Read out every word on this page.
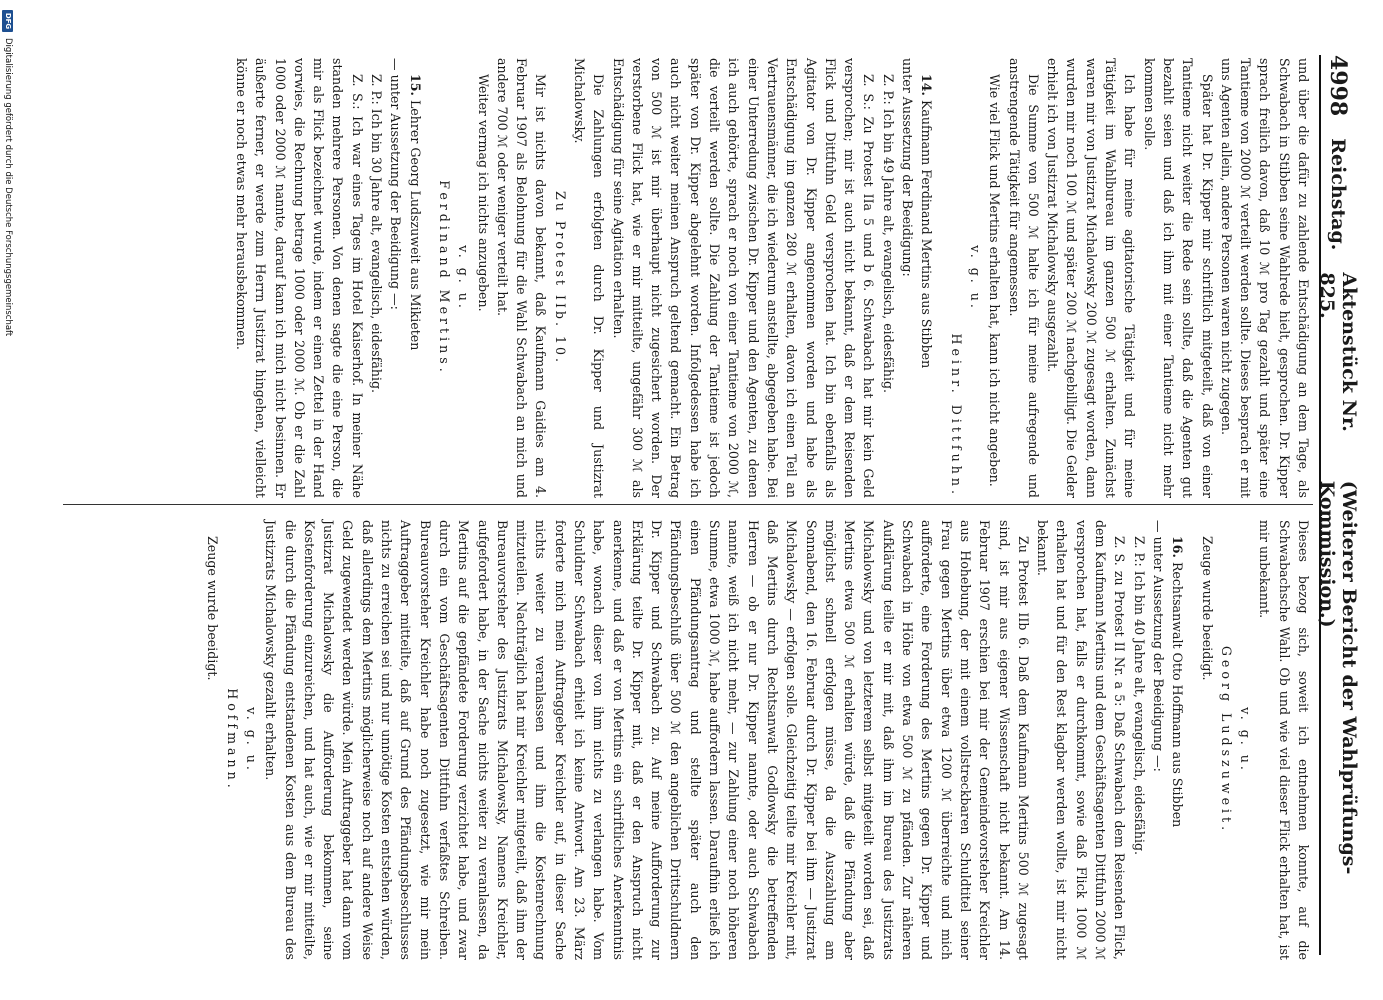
4998
Reichstag.
Aktenstück Nr. 825.
(Weiterer Bericht der Wahlprüfungs-Kommission.)

und über die dafür zu zahlende Entschädigung an dem Tage, als Schwabach in Stibben seine Wahlrede hielt, gesprochen. Dr. Kipper sprach freilich davon, daß 10 ℳ pro Tag gezahlt und später eine Tantieme von 2000 ℳ verteilt werden sollte. Dieses besprach er mit uns Agenten allein, andere Personen waren nicht zugegen.

Später hat Dr. Kipper mir schriftlich mitgeteilt, daß von einer Tantieme nicht weiter die Rede sein sollte, daß die Agenten gut bezahlt seien und daß ich ihm mit einer Tantieme nicht mehr kommen solle.

Ich habe für meine agitatorische Tätigkeit und für meine Tätigkeit im Wahlbureau im ganzen 500 ℳ erhalten. Zunächst waren mir von Justizrat Michalowsky 200 ℳ zugesagt worden, dann wurden mir noch 100 ℳ und später 200 ℳ nachgebilligt. Die Gelder erhielt ich von Justizrat Michalowsky ausgezahlt.

Die Summe von 500 ℳ halte ich für meine aufregende und anstrengende Tätigkeit für angemessen.

Wie viel Flick und Mertins erhalten hat, kann ich nicht angeben.

v. g. u.

Heinr. Dittfuhn.

14. Kaufmann Ferdinand Mertins aus Stibben

unter Aussetzung der Beeidigung:

Z. P.: Ich bin 49 Jahre alt, evangelisch, eidesfähig.

Z. S.: Zu Protest IIa 5 und b 6. Schwabach hat mir kein Geld versprochen; mir ist auch nicht bekannt, daß er dem Reisenden Flick und Dittfuhn Geld versprochen hat. Ich bin ebenfalls als Agitator von Dr. Kipper angenommen worden und habe als Entschädigung im ganzen 280 ℳ erhalten, davon ich einen Teil an Vertrauensmänner, die ich wiederum anstellte, abgegeben habe. Bei einer Unterredung zwischen Dr. Kipper und den Agenten, zu denen ich auch gehörte, sprach er noch von einer Tantieme von 2000 ℳ, die verteilt werden sollte. Die Zahlung der Tantieme ist jedoch später von Dr. Kipper abgelehnt worden. Infolgedessen habe ich auch nicht weiter meinen Anspruch geltend gemacht. Ein Betrag von 500 ℳ ist mir überhaupt nicht zugesichert worden. Der verstorbene Flick hat, wie er mir mitteilte, ungefähr 300 ℳ als Entschädigung für seine Agitation erhalten.

Die Zahlungen erfolgten durch Dr. Kipper und Justizrat Michalowsky.

Zu Protest IIb. 10.

Mir ist nichts davon bekannt, daß Kaufmann Gaidies am 4. Februar 1907 als Belohnung für die Wahl Schwabach an mich und andere 700 ℳ oder weniger verteilt hat.

Weiter vermag ich nichts anzugeben.

v. g. u.

Ferdinand Mertins.

15. Lehrer Georg Ludszuweit aus Mikieten

— unter Aussetzung der Beeidigung —:

Z. P.: Ich bin 30 Jahre alt, evangelisch, eidesfähig.

Z. S.: Ich war eines Tages im Hotel Kaiserhof. In meiner Nähe standen mehrere Personen. Von denen sagte die eine Person, die mir als Flick bezeichnet wurde, indem er einen Zettel in der Hand vorwies, die Rechnung betrage 1000 oder 2000 ℳ. Ob er die Zahl 1000 oder 2000 ℳ nannte, darauf kann ich mich nicht besinnen. Er äußerte ferner, er werde zum Herrn Justizrat hingehen, vielleicht könne er noch etwas mehr herausbekommen.

Dieses bezog sich, soweit ich entnehmen konnte, auf die Schwabachsche Wahl. Ob und wie viel dieser Flick erhalten hat, ist mir unbekannt.

v. g. u.

Georg Ludszuweit.

Zeuge wurde beeidigt.

16. Rechtsanwalt Otto Hoffmann aus Stibben

— unter Aussetzung der Beeidigung —:

Z. P.: Ich bin 40 Jahre alt, evangelisch, eidesfähig.

Z. S. zu Protest II Nr. a 5: Daß Schwabach dem Reisenden Flick, dem Kaufmann Mertins und dem Geschäftsagenten Dittfuhn 2000 ℳ versprochen hat, falls er durchkommt, sowie daß Flick 1000 ℳ erhalten hat und für den Rest klagbar werden wollte, ist mir nicht bekannt.

Zu Protest IIb 6. Daß dem Kaufmann Mertins 500 ℳ zugesagt sind, ist mir aus eigener Wissenschaft nicht bekannt. Am 14. Februar 1907 erschien bei mir der Gemeindevorsteher Kreichler aus Hohebung, der mit einem vollstreckbaren Schuldtitel seiner Frau gegen Mertins über etwa 1200 ℳ überreichte und mich aufforderte, eine Forderung des Mertins gegen Dr. Kipper und Schwabach in Höhe von etwa 500 ℳ zu pfänden. Zur näheren Aufklärung teilte er mir mit, daß ihm im Bureau des Justizrats Michalowsky und von letzterem selbst mitgeteilt worden sei, daß Mertins etwa 500 ℳ erhalten würde, daß die Pfändung aber möglichst schnell erfolgen müsse, da die Auszahlung am Sonnabend, den 16. Februar durch Dr. Kipper bei ihm — Justizrat Michalowsky — erfolgen solle. Gleichzeitig teilte mir Kreichler mit, daß Mertins durch Rechtsanwalt Godlowsky die betreffenden Herren — ob er nur Dr. Kipper nannte, oder auch Schwabach nannte, weiß ich nicht mehr, — zur Zahlung einer noch höheren Summe, etwa 1000 ℳ, habe auffordern lassen. Daraufhin erließ ich einen Pfändungsantrag und stellte später auch den Pfändungsbeschluß über 500 ℳ den angeblichen Drittschuldnern Dr. Kipper und Schwabach zu. Auf meine Aufforderung zur Erklärung teilte Dr. Kipper mit, daß er den Anspruch nicht anerkenne, und daß er von Mertins ein schriftliches Anerkenntnis habe, wonach dieser von ihm nichts zu verlangen habe. Vom Schuldner Schwabach erhielt ich keine Antwort. Am 23. März forderte mich mein Auftraggeber Kreichler auf, in dieser Sache nichts weiter zu veranlassen und ihm die Kostenrechnung mitzuteilen. Nachträglich hat mir Kreichler mitgeteilt, daß ihm der Bureauvorsteher des Justizrats Michalowsky, Namens Kreichler, aufgefordert habe, in der Sache nichts weiter zu veranlassen, da Mertins auf die gepfändete Forderung verzichtet habe, und zwar durch ein vom Geschäftsagenten Dittfuhn verfaßtes Schreiben. Bureauvorsteher Kreichler habe noch zugesetzt, wie mir mein Auftraggeber mitteilte, daß auf Grund des Pfändungsbeschlusses nichts zu erreichen sei und nur unnötige Kosten entstehen würden, daß allerdings dem Mertins möglicherweise noch auf andere Weise Geld zugewendet werden würde. Mein Auftraggeber hat dann vom Justizrat Michalowsky die Aufforderung bekommen, seine Kostenforderung einzureichen, und hat auch, wie er mir mitteilte, die durch die Pfändung entstandenen Kosten aus dem Bureau des Justizrats Michalowsky gezahlt erhalten.

v. g. u.

Hoffmann.

Zeuge wurde beeidigt.

DFG
Digitalisierung gefördert durch die Deutsche Forschungsgemeinschaft
